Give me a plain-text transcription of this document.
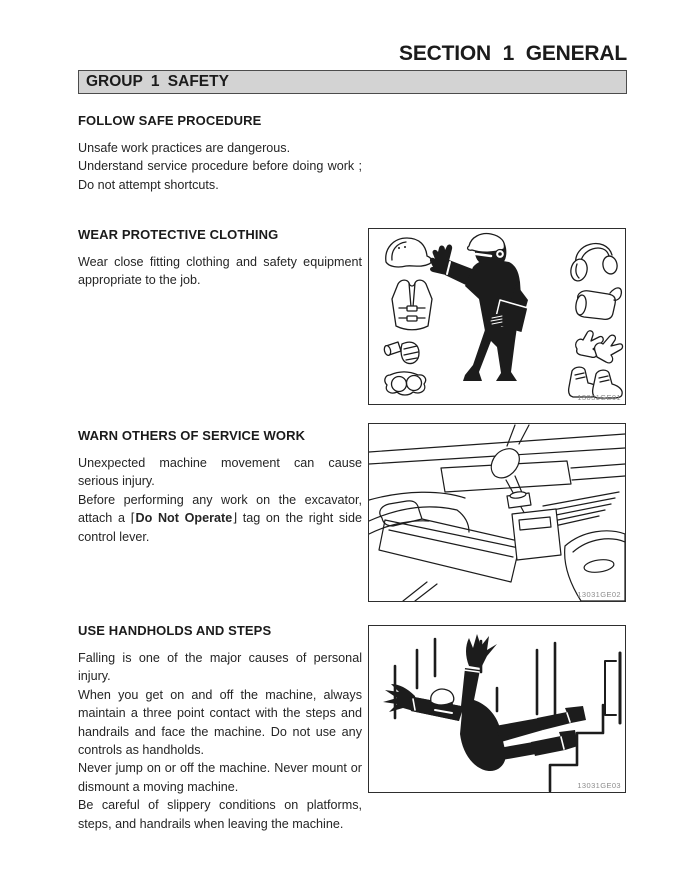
SECTION 1 GENERAL
GROUP 1 SAFETY
FOLLOW SAFE PROCEDURE

Unsafe work practices are dangerous.

Understand service procedure before doing work ; Do not attempt shortcuts.

WEAR PROTECTIVE CLOTHING

Wear close fitting clothing and safety equipment appropriate to the job.

13031GE01
WARN OTHERS OF SERVICE WORK

Unexpected machine movement can cause serious injury.

Before performing any work on the excavator, attach a ⌈Do Not Operate⌋ tag on the right side control lever.

13031GE02
USE HANDHOLDS AND STEPS

Falling is one of the major causes of personal injury.

When you get on and off the machine, always maintain a three point contact with the steps and handrails and face the machine. Do not use any controls as handholds.

Never jump on or off the machine. Never mount or dismount a moving machine.

Be careful of slippery conditions on platforms, steps, and handrails when leaving the machine.

13031GE03
